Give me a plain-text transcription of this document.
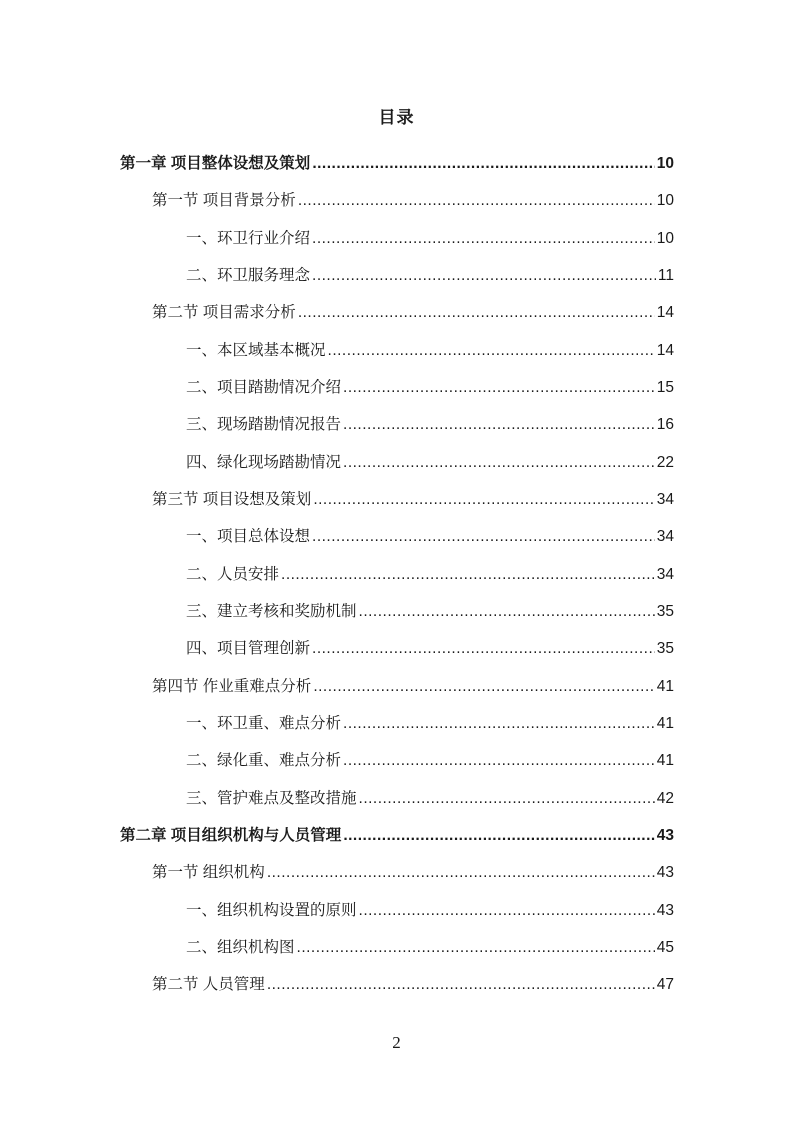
目录
第一章 项目整体设想及策划 .....	10
第一节 项目背景分析 .....	10
一、环卫行业介绍 .....	10
二、环卫服务理念 .....	11
第二节 项目需求分析 .....	14
一、本区域基本概况 .....	14
二、项目踏勘情况介绍 .....	15
三、现场踏勘情况报告 .....	16
四、绿化现场踏勘情况 .....	22
第三节 项目设想及策划 .....	34
一、项目总体设想 .....	34
二、人员安排 .....	34
三、建立考核和奖励机制 .....	35
四、项目管理创新 .....	35
第四节 作业重难点分析 .....	41
一、环卫重、难点分析 .....	41
二、绿化重、难点分析 .....	41
三、管护难点及整改措施 .....	42
第二章 项目组织机构与人员管理 .....	43
第一节 组织机构 .....	43
一、组织机构设置的原则 .....	43
二、组织机构图 .....	45
第二节 人员管理 .....	47
2
